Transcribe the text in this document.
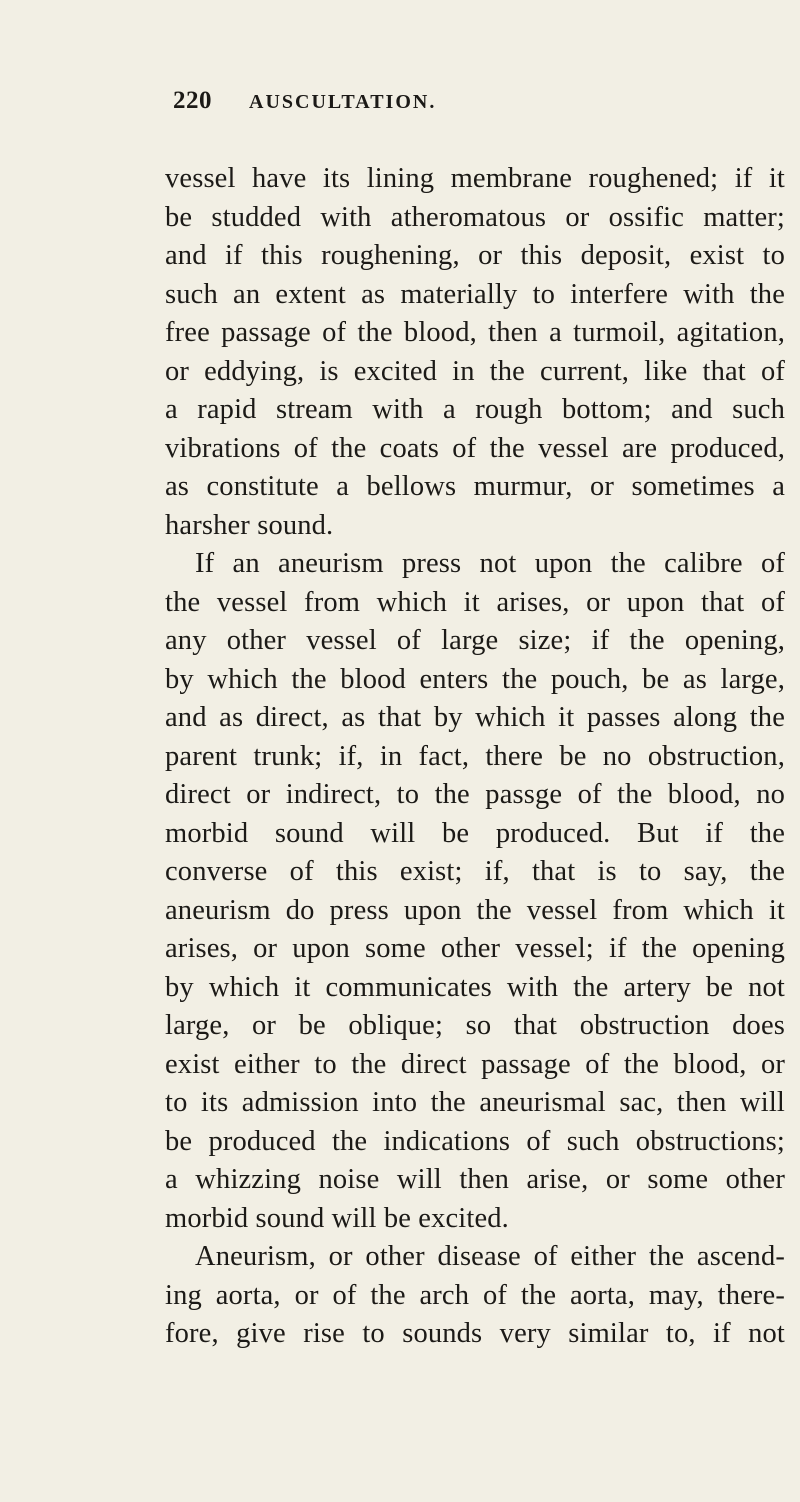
220 AUSCULTATION.
vessel have its lining membrane roughened; if it
be studded with atheromatous or ossific matter;
and if this roughening, or this deposit, exist to
such an extent as materially to interfere with the
free passage of the blood, then a turmoil, agitation,
or eddying, is excited in the current, like that of
a rapid stream with a rough bottom; and such
vibrations of the coats of the vessel are produced,
as constitute a bellows murmur, or sometimes a
harsher sound.
If an aneurism press not upon the calibre of
the vessel from which it arises, or upon that of
any other vessel of large size; if the opening,
by which the blood enters the pouch, be as large,
and as direct, as that by which it passes along the
parent trunk; if, in fact, there be no obstruction,
direct or indirect, to the passge of the blood, no
morbid sound will be produced. But if the
converse of this exist; if, that is to say, the
aneurism do press upon the vessel from which it
arises, or upon some other vessel; if the opening
by which it communicates with the artery be not
large, or be oblique; so that obstruction does
exist either to the direct passage of the blood, or
to its admission into the aneurismal sac, then will
be produced the indications of such obstructions;
a whizzing noise will then arise, or some other
morbid sound will be excited.
Aneurism, or other disease of either the ascend-
ing aorta, or of the arch of the aorta, may, there-
fore, give rise to sounds very similar to, if not
